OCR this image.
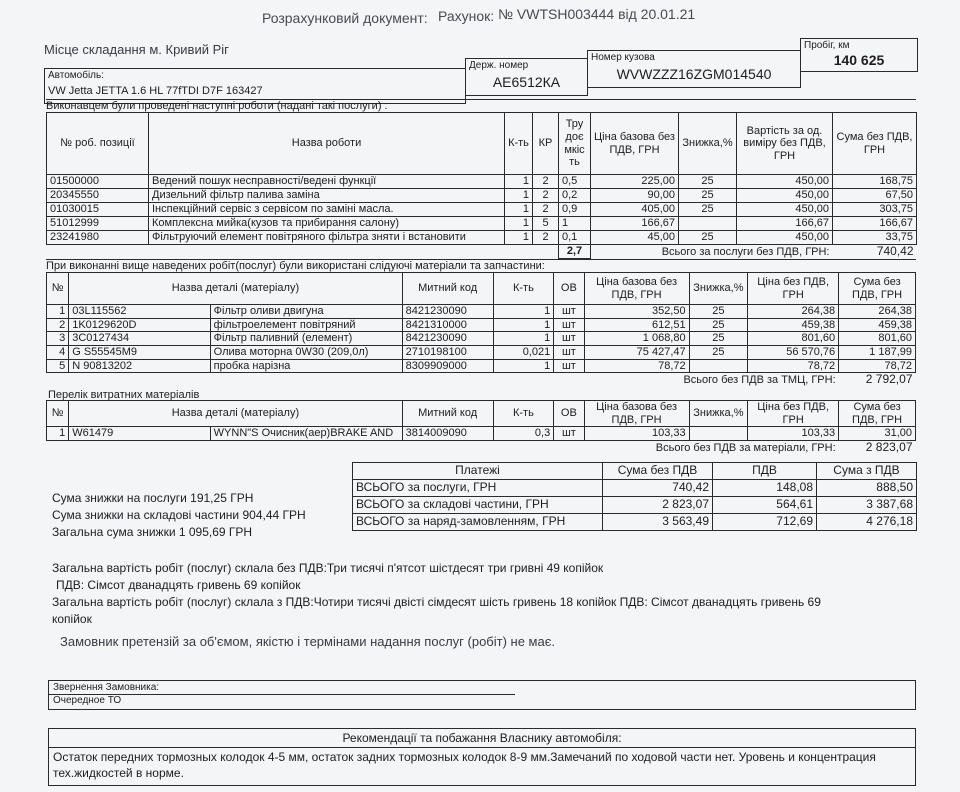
Розрахунковий документ: Рахунок: № VWTSH003444 від 20.01.21
Місце складання м. Кривий Ріг	Пробіг, км
140 625
Автомобіль:
VW Jetta JETTA 1.6 HL 77fTDI D7F 163427
Держ. номер
АЕ6512КА
Номер кузова
WVWZZZ16ZGM014540
Виконавцем були проведені наступні роботи (надані такі послуги) :
№ роб. позиції	Назва роботи	К-ть	КР	Тру доє мкіс ть	Ціна базова без ПДВ, ГРН	Знижка,%	Вартість за од. виміру без ПДВ, ГРН	Сума без ПДВ, ГРН
01500000	Ведений пошук несправності/ведені функції	1	2	0,5	225,00	25	450,00	168,75
20345550	Дизельний фільтр палива заміна	1	2	0,2	90,00	25	450,00	67,50
01030015	Інспекційний сервіс з сервісом по заміні масла.	1	2	0,9	405,00	25	450,00	303,75
51012999	Комплексна мийка(кузов та прибирання салону)	1	5	1	166,67		166,67	166,67
23241980	Фільтруючий елемент повітряного фільтра зняти і встановити	1	2	0,1	45,00	25	450,00	33,75
				2,7	Всього за послуги без ПДВ, ГРН:			740,42
При виконанні вище наведених робіт(послуг) були використані слідуючі матеріали та запчастини:
№	Назва деталі (матеріалу)		Митний код	К-ть	ОВ	Ціна базова без ПДВ, ГРН	Знижка,%	Ціна без ПДВ, ГРН	Сума без ПДВ, ГРН
1	03L115562	Фільтр оливи двигуна	8421230090	1	шт	352,50	25	264,38	264,38
2	1K0129620D	фільтроелемент повітряний	8421310000	1	шт	612,51	25	459,38	459,38
3	3C0127434	Фільтр паливний (елемент)	8421230090	1	шт	1 068,80	25	801,60	801,60
4	G S55545M9	Олива моторна 0W30 (209,0л)	2710198100	0,021	шт	75 427,47	25	56 570,76	1 187,99
5	N 90813202	пробка нарізна	8309909000	1	шт	78,72		78,72	78,72
						Всього без ПДВ за ТМЦ, ГРН:			2 792,07
Перелік витратних матеріалів
№	Назва деталі (матеріалу)		Митний код	К-ть	ОВ	Ціна базова без ПДВ, ГРН	Знижка,%	Ціна без ПДВ, ГРН	Сума без ПДВ, ГРН
1	W61479	WYNN"S Очисник(аер)BRAKE AND	3814009090	0,3	шт	103,33		103,33	31,00
						Всього без ПДВ за матеріали, ГРН:			2 823,07
Сума знижки на послуги 191,25 ГРН
Сума знижки на складові частини 904,44 ГРН
Загальна сума знижки 1 095,69 ГРН
Платежі	Сума без ПДВ	ПДВ	Сума з ПДВ
ВСЬОГО за послуги, ГРН	740,42	148,08	888,50
ВСЬОГО за складові частини, ГРН	2 823,07	564,61	3 387,68
ВСЬОГО за наряд-замовленням, ГРН	3 563,49	712,69	4 276,18
Загальна вартість робіт (послуг) склала без ПДВ:Три тисячі п'ятсот шістдесят три гривні 49 копійок
ПДВ: Сімсот дванадцять гривень 69 копійок
Загальна вартість робіт (послуг) склала з ПДВ:Чотири тисячі двісті сімдесят шість гривень 18 копійок ПДВ: Сімсот дванадцять гривень 69
копійок
Замовник претензій за об'ємом, якістю і термінами надання послуг (робіт) не має.
Звернення Замовника:
Очередное ТО
Рекомендації та побажання Власнику автомобіля:
Остаток передних тормозных колодок 4-5 мм, остаток задних тормозных колодок 8-9 мм.Замечаний по ходовой части нет. Уровень и концентрация тех.жидкостей в норме.
